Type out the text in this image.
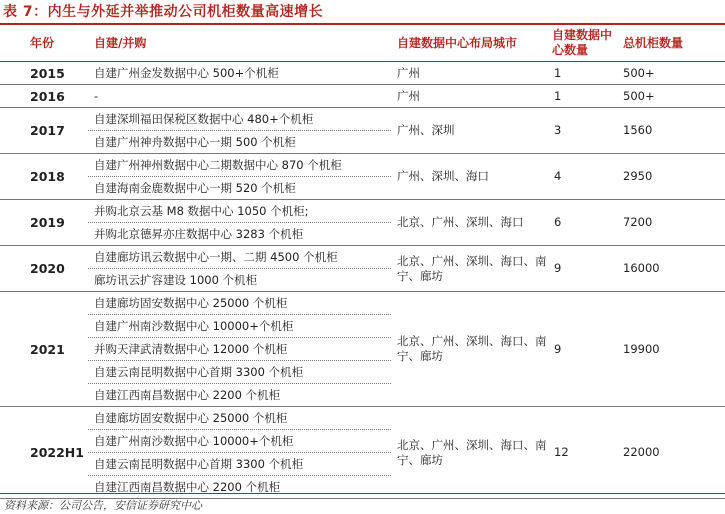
表 7：内生与外延并举推动公司机柜数量高速增长
年份	自建/并购	自建数据中心布局城市	自建数据中心数量	总机柜数量
2015	自建广州金发数据中心 500+个机柜	广州	1	500+
2016	-	广州	1	500+
2017	自建深圳福田保税区数据中心 480+个机柜	广州、深圳	3	1560
	自建广州神舟数据中心一期 500 个机柜			
2018	自建广州神州数据中心二期数据中心 870 个机柜	广州、深圳、海口	4	2950
	自建海南金鹿数据中心一期 520 个机柜			
2019	并购北京云基 M8 数据中心 1050 个机柜;	北京、广州、深圳、海口	6	7200
	并购北京德昇亦庄数据中心 3283 个机柜			
2020	自建廊坊讯云数据中心一期、二期 4500 个机柜	北京、广州、深圳、海口、南宁、廊坊	9	16000
	廊坊讯云扩容建设 1000 个机柜			
2021	自建廊坊固安数据中心 25000 个机柜	北京、广州、深圳、海口、南宁、廊坊	9	19900
	自建广州南沙数据中心 10000+个机柜			
	并购天津武清数据中心 12000 个机柜			
	自建云南昆明数据中心首期 3300 个机柜			
	自建江西南昌数据中心 2200 个机柜			
2022H1	自建廊坊固安数据中心 25000 个机柜	北京、广州、深圳、海口、南宁、廊坊	12	22000
	自建广州南沙数据中心 10000+个机柜			
	自建云南昆明数据中心首期 3300 个机柜			
	自建江西南昌数据中心 2200 个机柜			
资料来源：公司公告，安信证券研究中心
